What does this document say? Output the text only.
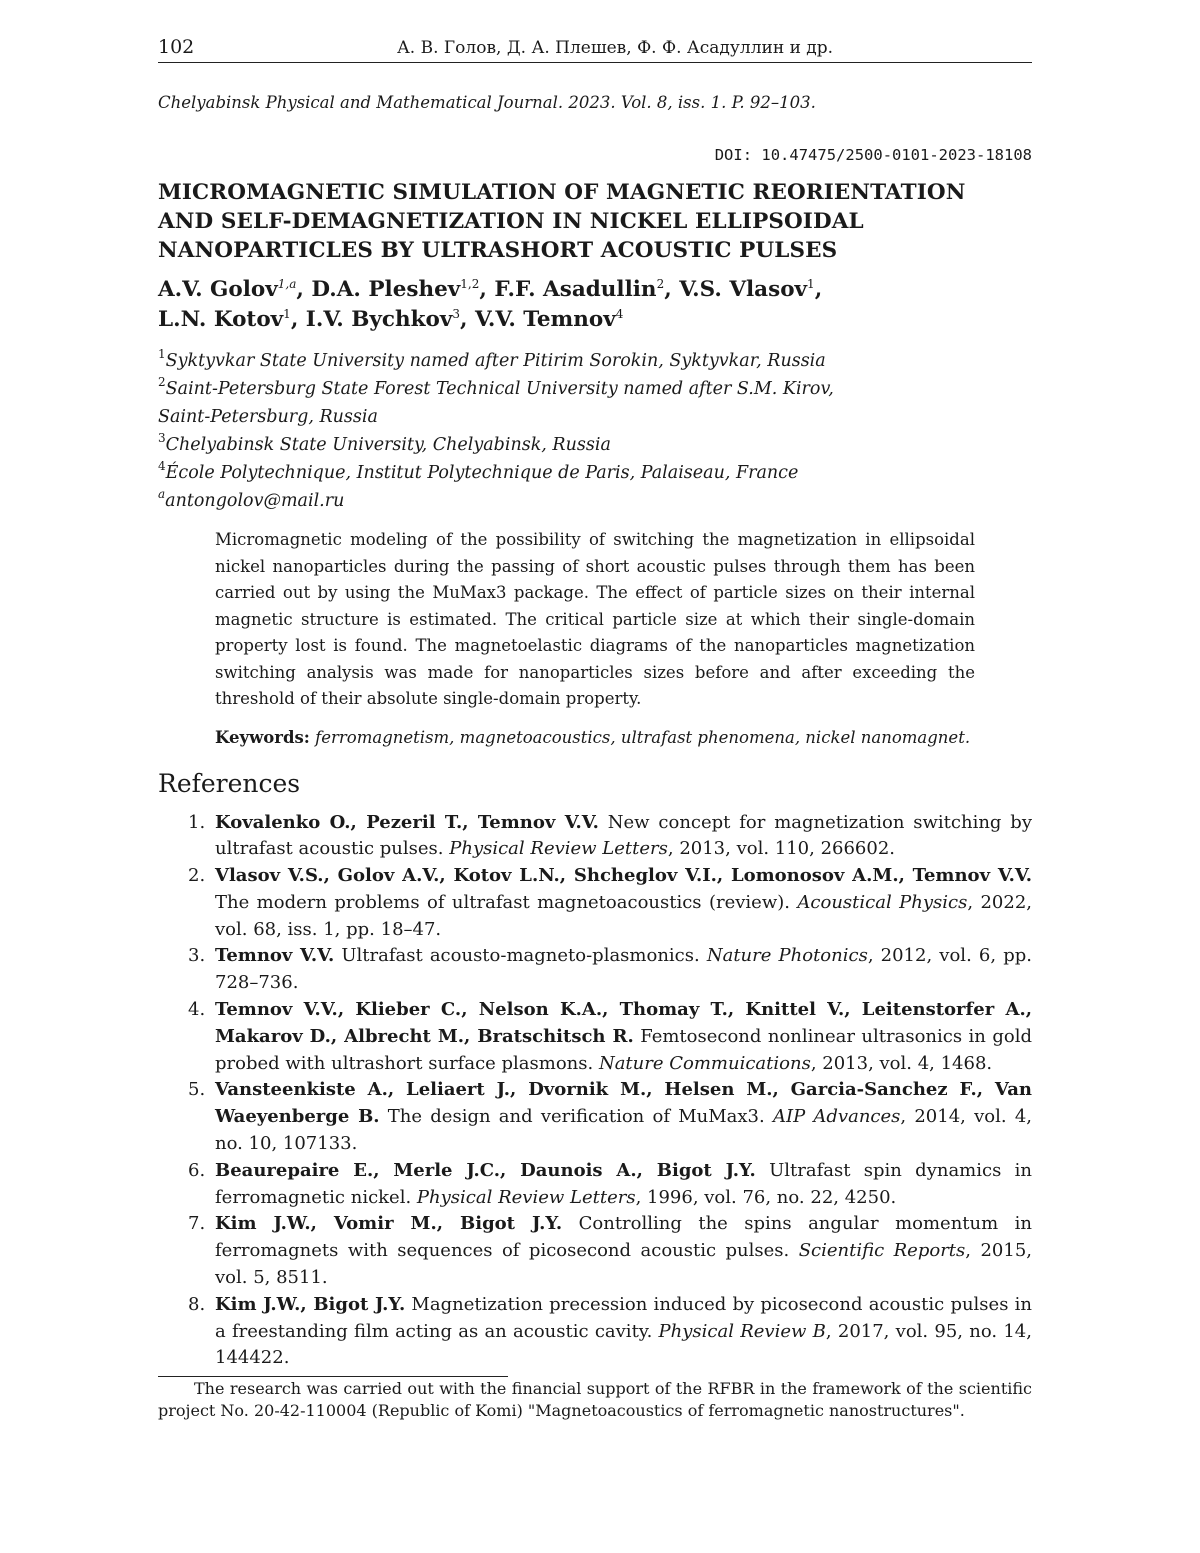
102	А. В. Голов, Д. А. Плешев, Ф. Ф. Асадуллин и др.
Chelyabinsk Physical and Mathematical Journal. 2023. Vol. 8, iss. 1. P. 92–103.
DOI: 10.47475/2500-0101-2023-18108
MICROMAGNETIC SIMULATION OF MAGNETIC REORIENTATION
AND SELF-DEMAGNETIZATION IN NICKEL ELLIPSOIDAL
NANOPARTICLES BY ULTRASHORT ACOUSTIC PULSES
A.V. Golov$^{1,a}$, D.A. Pleshev$^{1,2}$, F.F. Asadullin$^2$, V.S. Vlasov$^1$,
L.N. Kotov$^1$, I.V. Bychkov$^3$, V.V. Temnov$^4$
$^1$Syktyvkar State University named after Pitirim Sorokin, Syktyvkar, Russia
$^2$Saint-Petersburg State Forest Technical University named after S.M. Kirov,
Saint-Petersburg, Russia
$^3$Chelyabinsk State University, Chelyabinsk, Russia
$^4$École Polytechnique, Institut Polytechnique de Paris, Palaiseau, France
$^a$antongolov@mail.ru

Micromagnetic modeling of the possibility of switching the magnetization in ellipsoidal nickel nanoparticles during the passing of short acoustic pulses through them has been carried out by using the MuMax3 package. The effect of particle sizes on their internal magnetic structure is estimated. The critical particle size at which their single-domain property lost is found. The magnetoelastic diagrams of the nanoparticles magnetization switching analysis was made for nanoparticles sizes before and after exceeding the threshold of their absolute single-domain property.

Keywords: ferromagnetism, magnetoacoustics, ultrafast phenomena, nickel nanomagnet.
References
1. Kovalenko O., Pezeril T., Temnov V.V. New concept for magnetization switching by ultrafast acoustic pulses. Physical Review Letters, 2013, vol. 110, 266602.
2. Vlasov V.S., Golov A.V., Kotov L.N., Shcheglov V.I., Lomonosov A.M., Temnov V.V. The modern problems of ultrafast magnetoacoustics (review). Acoustical Physics, 2022, vol. 68, iss. 1, pp. 18–47.
3. Temnov V.V. Ultrafast acousto-magneto-plasmonics. Nature Photonics, 2012, vol. 6, pp. 728–736.
4. Temnov V.V., Klieber C., Nelson K.A., Thomay T., Knittel V., Leitenstorfer A., Makarov D., Albrecht M., Bratschitsch R. Femtosecond nonlinear ultrasonics in gold probed with ultrashort surface plasmons. Nature Commuications, 2013, vol. 4, 1468.
5. Vansteenkiste A., Leliaert J., Dvornik M., Helsen M., Garcia-Sanchez F., Van Waeyenberge B. The design and verification of MuMax3. AIP Advances, 2014, vol. 4, no. 10, 107133.
6. Beaurepaire E., Merle J.C., Daunois A., Bigot J.Y. Ultrafast spin dynamics in ferromagnetic nickel. Physical Review Letters, 1996, vol. 76, no. 22, 4250.
7. Kim J.W., Vomir M., Bigot J.Y. Controlling the spins angular momentum in ferromagnets with sequences of picosecond acoustic pulses. Scientific Reports, 2015, vol. 5, 8511.
8. Kim J.W., Bigot J.Y. Magnetization precession induced by picosecond acoustic pulses in a freestanding film acting as an acoustic cavity. Physical Review B, 2017, vol. 95, no. 14, 144422.
The research was carried out with the financial support of the RFBR in the framework of the scientific project No. 20-42-110004 (Republic of Komi) "Magnetoacoustics of ferromagnetic nanostructures".
